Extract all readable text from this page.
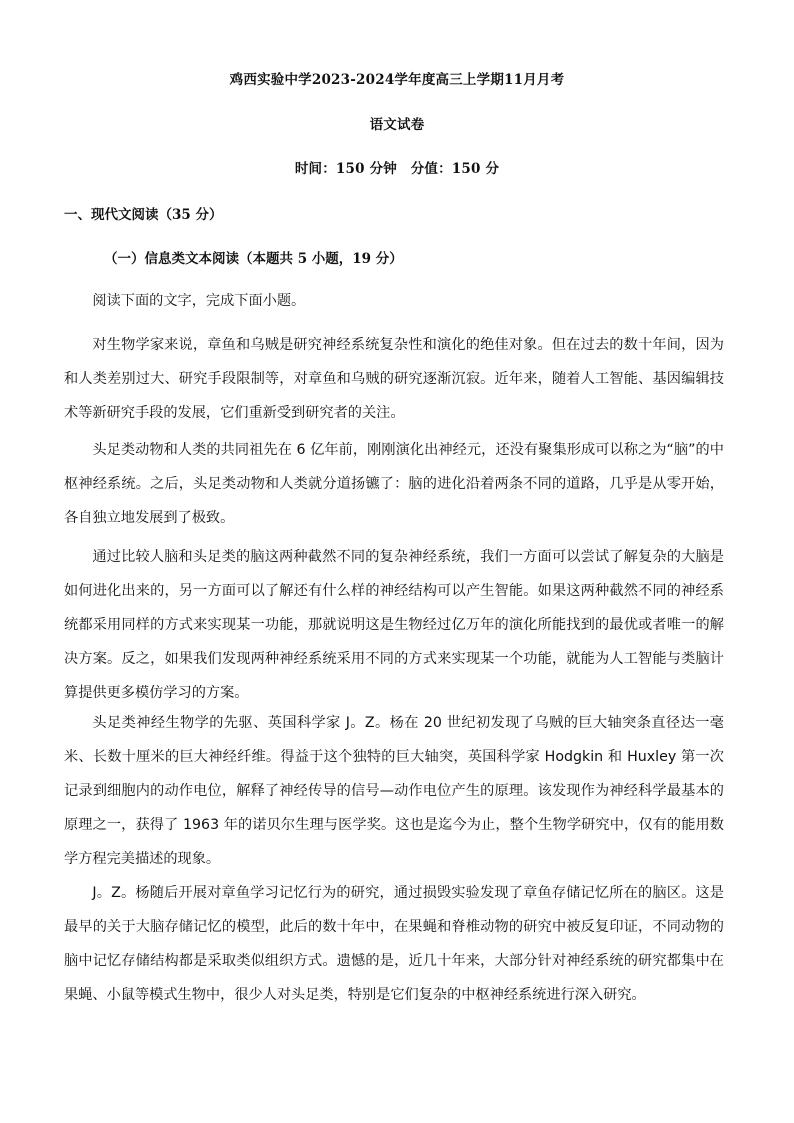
鸡西实验中学2023-2024学年度高三上学期11月月考
语文试卷
时间：150 分钟　分值：150 分
一、现代文阅读（35 分）
（一）信息类文本阅读（本题共 5 小题，19 分）

阅读下面的文字，完成下面小题。

对生物学家来说，章鱼和乌贼是研究神经系统复杂性和演化的绝佳对象。但在过去的数十年间，因为和人类差别过大、研究手段限制等，对章鱼和乌贼的研究逐渐沉寂。近年来，随着人工智能、基因编辑技术等新研究手段的发展，它们重新受到研究者的关注。

头足类动物和人类的共同祖先在 6 亿年前，刚刚演化出神经元，还没有聚集形成可以称之为“脑”的中枢神经系统。之后，头足类动物和人类就分道扬镳了：脑的进化沿着两条不同的道路，几乎是从零开始，各自独立地发展到了极致。

通过比较人脑和头足类的脑这两种截然不同的复杂神经系统，我们一方面可以尝试了解复杂的大脑是如何进化出来的，另一方面可以了解还有什么样的神经结构可以产生智能。如果这两种截然不同的神经系统都采用同样的方式来实现某一功能，那就说明这是生物经过亿万年的演化所能找到的最优或者唯一的解决方案。反之，如果我们发现两种神经系统采用不同的方式来实现某一个功能，就能为人工智能与类脑计算提供更多模仿学习的方案。

头足类神经生物学的先驱、英国科学家 J。Z。杨在 20 世纪初发现了乌贼的巨大轴突条直径达一毫米、长数十厘米的巨大神经纤维。得益于这个独特的巨大轴突，英国科学家 Hodgkin 和 Huxley 第一次记录到细胞内的动作电位，解释了神经传导的信号—动作电位产生的原理。该发现作为神经科学最基本的原理之一，获得了 1963 年的诺贝尔生理与医学奖。这也是迄今为止，整个生物学研究中，仅有的能用数学方程完美描述的现象。

J。Z。杨随后开展对章鱼学习记忆行为的研究，通过损毁实验发现了章鱼存储记忆所在的脑区。这是最早的关于大脑存储记忆的模型，此后的数十年中，在果蝇和脊椎动物的研究中被反复印证，不同动物的脑中记忆存储结构都是采取类似组织方式。遗憾的是，近几十年来，大部分针对神经系统的研究都集中在果蝇、小鼠等模式生物中，很少人对头足类，特别是它们复杂的中枢神经系统进行深入研究。
